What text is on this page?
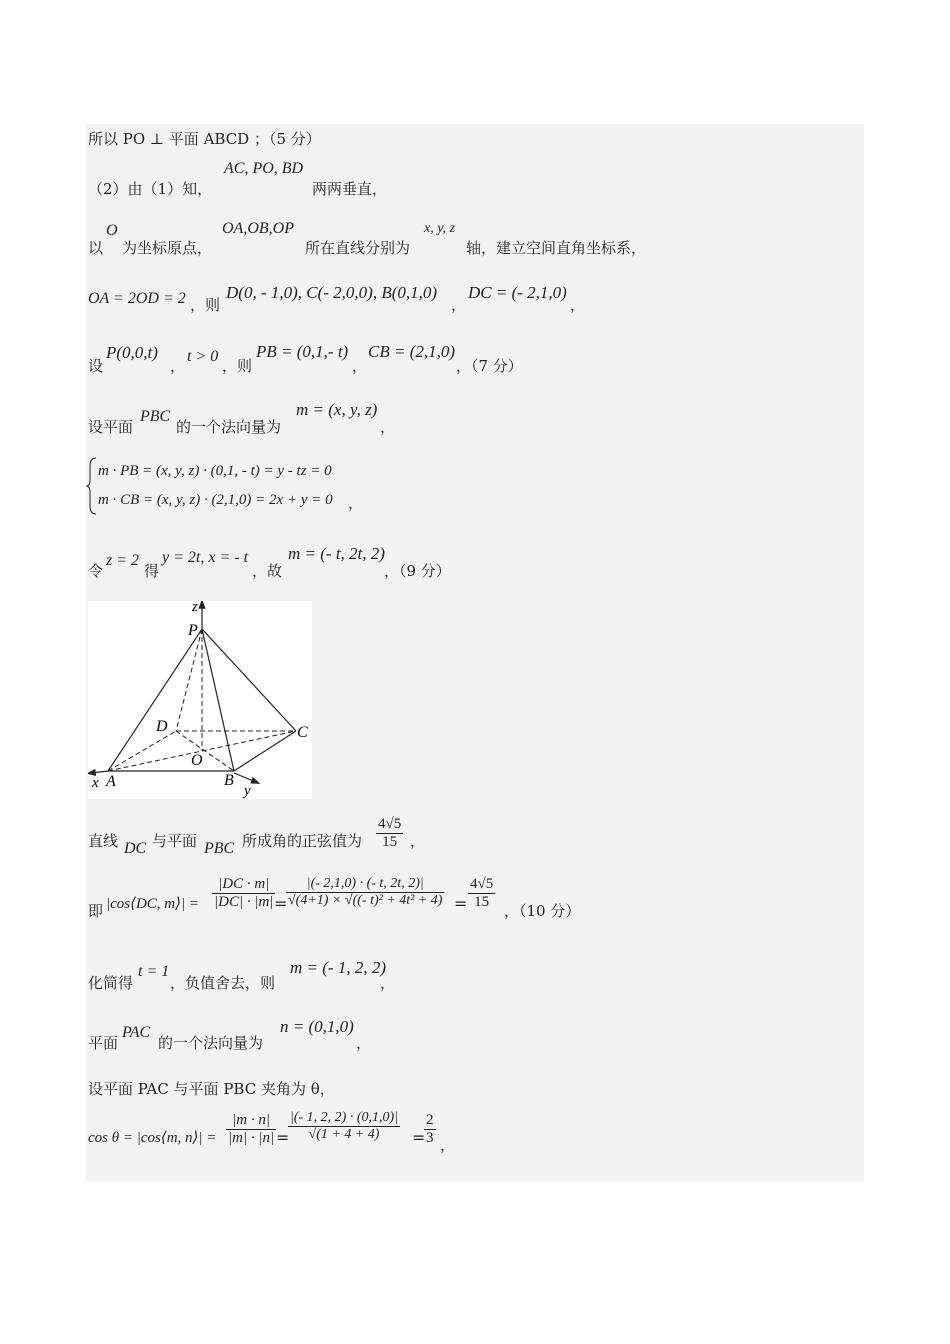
所以 PO ⊥ 平面 ABCD ；（5 分）
（2）由（1）知，
AC, PO, BD
两两垂直，
以
O
为坐标原点，
OA,OB,OP
所在直线分别为
x, y, z
轴，建立空间直角坐标系，
OA = 2OD = 2 ，则
D(0, - 1,0), C(- 2,0,0), B(0,1,0)
，
DC = (- 2,1,0)
，
设
P(0,0,t)
，
t > 0
，则
PB = (0,1,- t)
，
CB = (2,1,0)
，（7 分）
设平面
PBC
的一个法向量为
m = (x, y, z)
，
m · PB = (x, y, z) · (0,1, - t) = y - tz = 0
m · CB = (x, y, z) · (2,1,0) = 2x + y = 0 ，
令
z = 2
得
y = 2t, x = - t
，故
m = (- t, 2t, 2)
，（9 分）
z
P
D	C
O
x A	B
y
直线 DC 与平面 PBC 所成角的正弦值为 $\frac{4√5}{15}$ ，
即 |cos⟨DC, m⟩| = $\frac{|DC \cdot m|}{|DC| \cdot |m|}$
=
$\frac{|(- 2,1,0) \cdot (- t, 2t, 2)|}{\text{√(4+1) × √((- t)² + 4t² + 4)}} = \frac{4√5}{15}$ ，（10 分）
化简得
t = 1
，负值舍去，则
m = (- 1, 2, 2)
，
平面
PAC
的一个法向量为
n = (0,1,0)
，
设平面 PAC 与平面 PBC 夹角为 θ，
cos θ = |cos⟨m, n⟩| = $\frac{|m \cdot n|}{|m| \cdot |n|}$ =
$\frac{|(- 1, 2, 2) \cdot (0,1,0)|}{√(1 + 4 + 4)}$ =
$\frac{2}{3}$ ，
